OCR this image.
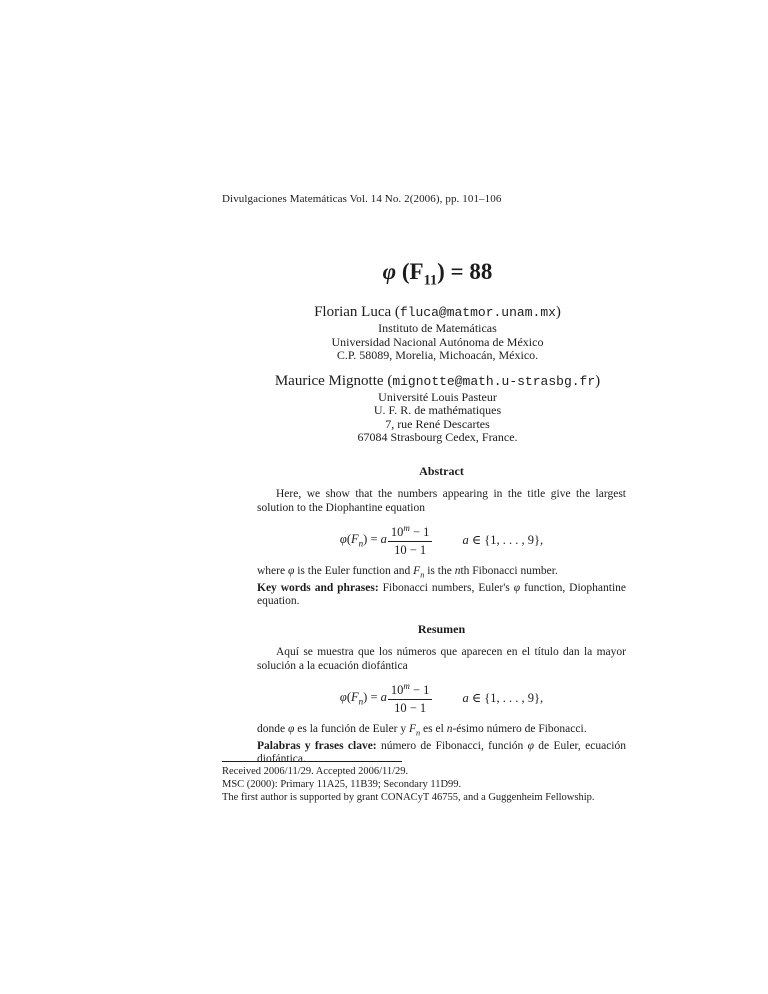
Divulgaciones Matemáticas Vol. 14 No. 2(2006), pp. 101–106
φ $(F_{11}) = 88$
Florian Luca (fluca@matmor.unam.mx)
Instituto de Matemáticas
Universidad Nacional Autónoma de México
C.P. 58089, Morelia, Michoacán, México.
Maurice Mignotte (mignotte@math.u-strasbg.fr)
Université Louis Pasteur
U. F. R. de mathématiques
7, rue René Descartes
67084 Strasbourg Cedex, France.
Abstract

Here, we show that the numbers appearing in the title give the largest solution to the Diophantine equation

$\varphi(F_n) = a \frac{10^m - 1}{10 - 1}$ a ∈ {1, . . . , 9},

where φ is the Euler function and $F_n$ is the nth Fibonacci number.

Key words and phrases: Fibonacci numbers, Euler's φ function, Diophantine equation.

Resumen

Aquí se muestra que los números que aparecen en el título dan la mayor solución a la ecuación diofántica

$\varphi(F_n) = a \frac{10^m - 1}{10 - 1}$ a ∈ {1, . . . , 9},

donde φ es la función de Euler y $F_n$ es el n-ésimo número de Fibonacci.

Palabras y frases clave: número de Fibonacci, función φ de Euler, ecuación diofántica.

Received 2006/11/29. Accepted 2006/11/29.
MSC (2000): Primary 11A25, 11B39; Secondary 11D99.
The first author is supported by grant CONACyT 46755, and a Guggenheim Fellowship.
